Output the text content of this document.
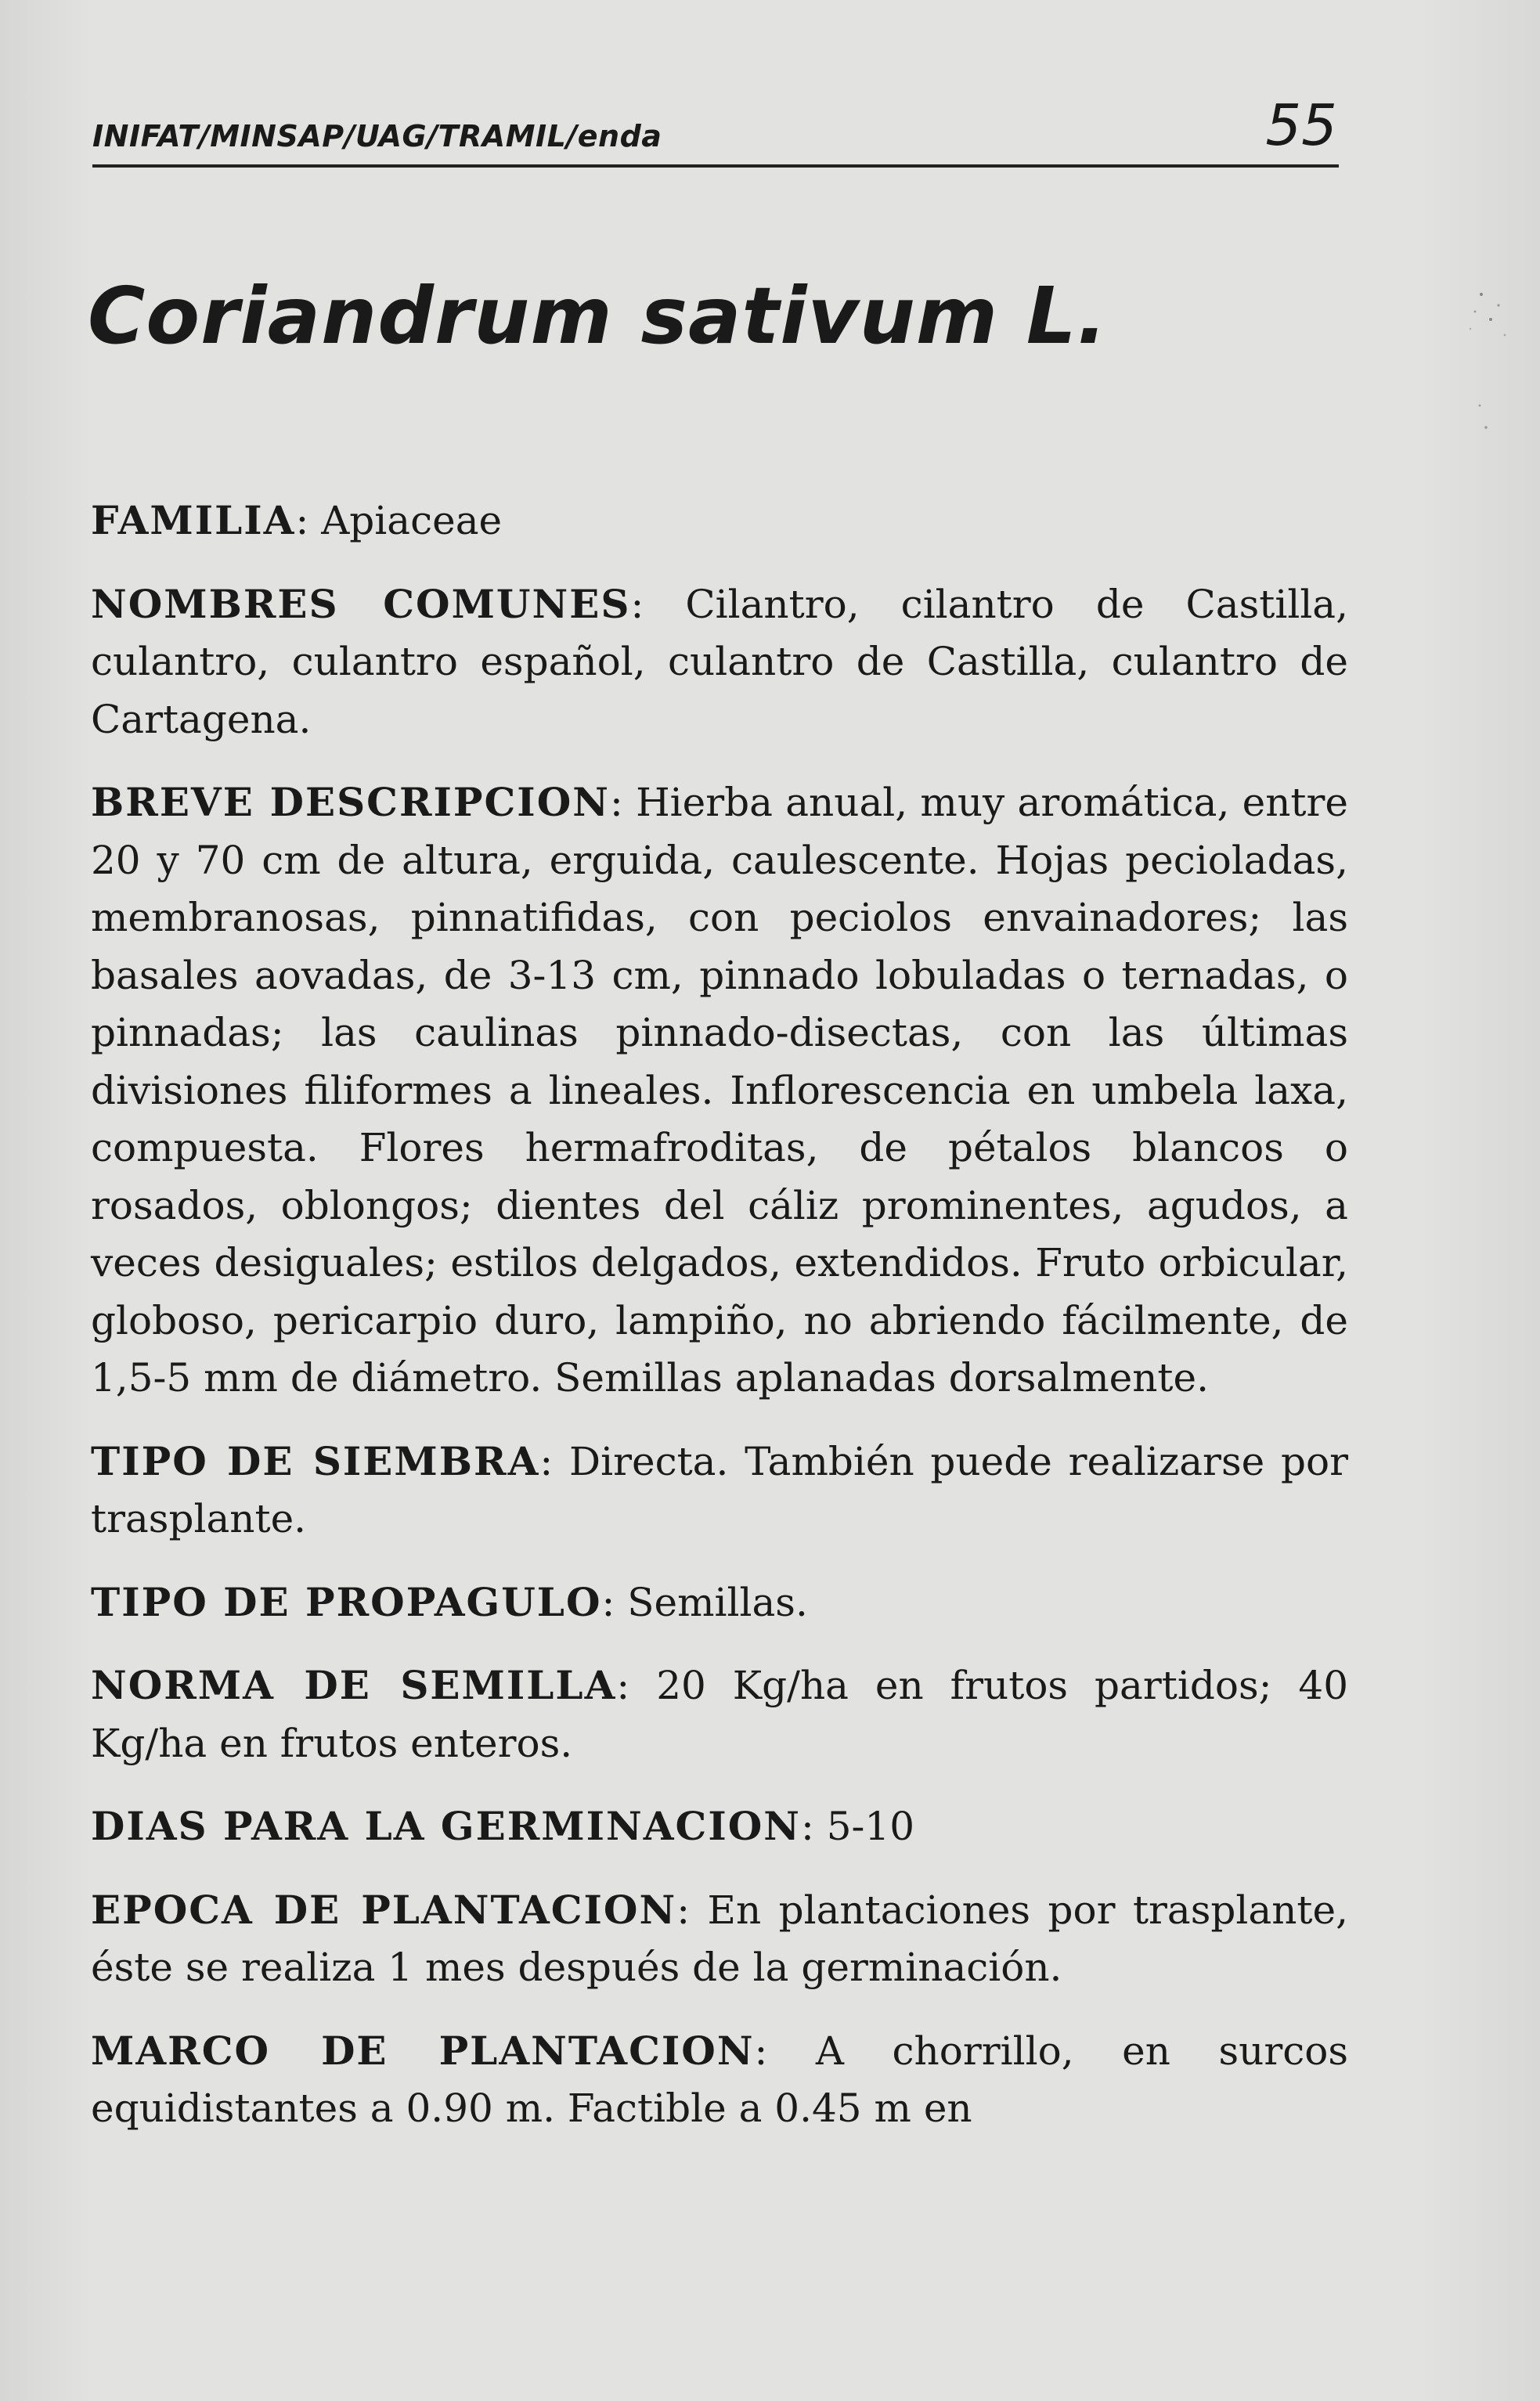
INIFAT/MINSAP/UAG/TRAMIL/enda	55
Coriandrum sativum L.

FAMILIA: Apiaceae

NOMBRES COMUNES: Cilantro, cilantro de Castilla, culantro, culantro español, culantro de Castilla, culantro de Cartagena.

BREVE DESCRIPCION: Hierba anual, muy aromática, entre 20 y 70 cm de altura, erguida, caulescente. Hojas pecioladas, membranosas, pinnatifidas, con peciolos envainadores; las basales aovadas, de 3-13 cm, pinnado lobuladas o ternadas, o pinnadas; las caulinas pinnado-disectas, con las últimas divisiones filiformes a lineales. Inflorescencia en umbela laxa, compuesta. Flores hermafroditas, de pétalos blancos o rosados, oblongos; dientes del cáliz prominentes, agudos, a veces desiguales; estilos delgados, extendidos. Fruto orbicular, globoso, pericarpio duro, lampiño, no abriendo fácilmente, de 1,5-5 mm de diámetro. Semillas aplanadas dorsalmente.

TIPO DE SIEMBRA: Directa. También puede realizarse por trasplante.

TIPO DE PROPAGULO: Semillas.

NORMA DE SEMILLA: 20 Kg/ha en frutos partidos; 40 Kg/ha en frutos enteros.

DIAS PARA LA GERMINACION: 5-10

EPOCA DE PLANTACION: En plantaciones por trasplante, éste se realiza 1 mes después de la germinación.

MARCO DE PLANTACION: A chorrillo, en surcos equidistantes a 0.90 m. Factible a 0.45 m en
